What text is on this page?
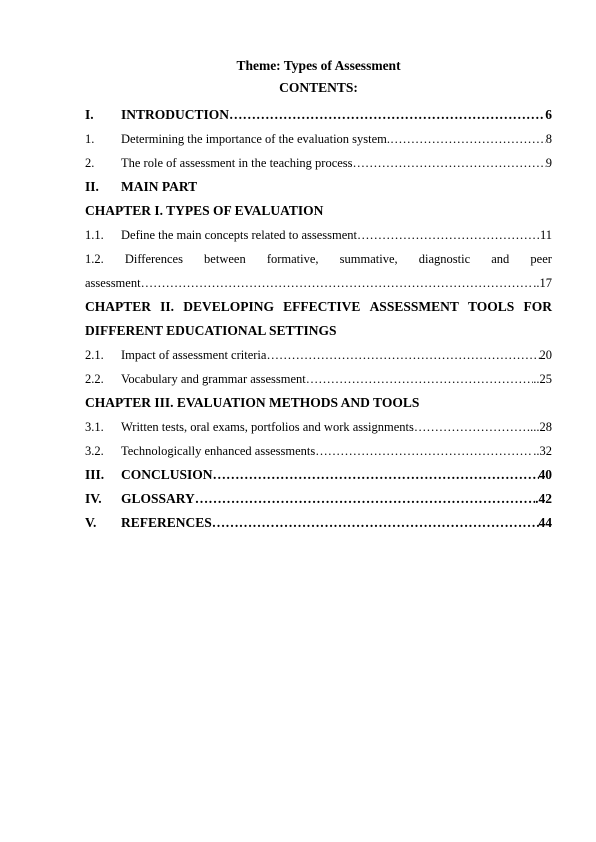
Theme: Types of Assessment
CONTENTS:
I.	INTRODUCTION ……………………………………………………………………………………………………………………………………………………………	6
1.	Determining the importance of the evaluation system. ……………………………………………………………………………………………………………………………………………………………	8
2.	The role of assessment in the teaching process ……………………………………………………………………………………………………………………………………………………………	9
II.	MAIN PART
CHAPTER I. TYPES OF EVALUATION
1.1.	Define the main concepts related to assessment ……………………………………………………………………………………………………………………………………………………………	11
1.2. Differences between formative, summative, diagnostic and peer
assessment ……………………………………………………………………………………………………………………………………………………………	..17
CHAPTER II. DEVELOPING EFFECTIVE ASSESSMENT TOOLS FOR
DIFFERENT EDUCATIONAL SETTINGS
2.1.	Impact of assessment criteria ……………………………………………………………………………………………………………………………………………………………	20
2.2.	Vocabulary and grammar assessment ……………………………………………………………………………………………………………………………………………………………	..25
CHAPTER III. EVALUATION METHODS AND TOOLS
3.1.	Written tests, oral exams, portfolios and work assignments ……………………………………………………………………………………………………………………………………………………………	...28
3.2.	Technologically enhanced assessments ……………………………………………………………………………………………………………………………………………………………	..32
III.	CONCLUSION ……………………………………………………………………………………………………………………………………………………………	40
IV.	GLOSSARY ……………………………………………………………………………………………………………………………………………………………	.42
V.	REFERENCES ……………………………………………………………………………………………………………………………………………………………	44
